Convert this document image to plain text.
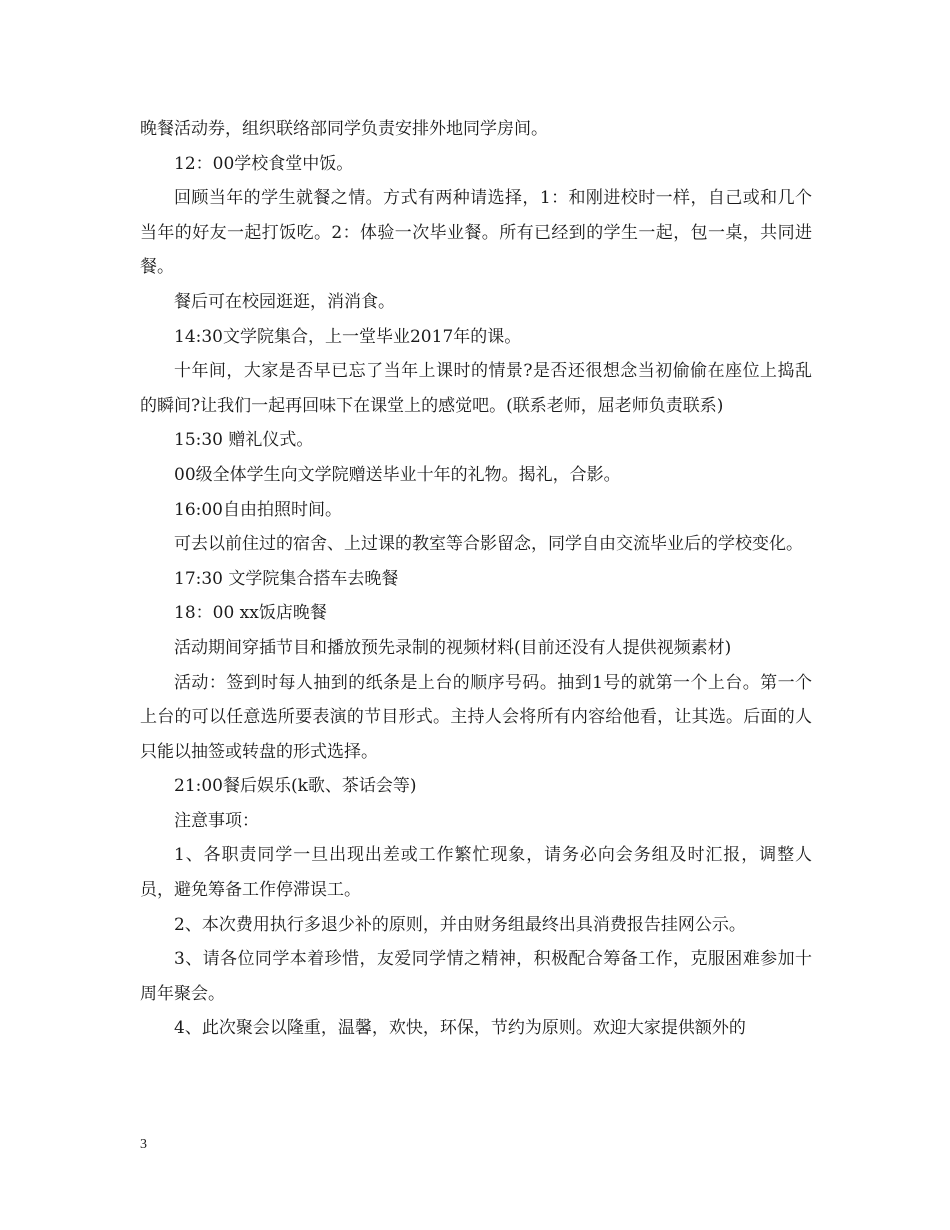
晚餐活动券，组织联络部同学负责安排外地同学房间。

12：00学校食堂中饭。

回顾当年的学生就餐之情。方式有两种请选择，1：和刚进校时一样，自己或和几个当年的好友一起打饭吃。2：体验一次毕业餐。所有已经到的学生一起，包一桌，共同进餐。

餐后可在校园逛逛，消消食。

14:30文学院集合，上一堂毕业2017年的课。

十年间，大家是否早已忘了当年上课时的情景?是否还很想念当初偷偷在座位上捣乱的瞬间?让我们一起再回味下在课堂上的感觉吧。(联系老师，屈老师负责联系)

15:30 赠礼仪式。

00级全体学生向文学院赠送毕业十年的礼物。揭礼，合影。

16:00自由拍照时间。

可去以前住过的宿舍、上过课的教室等合影留念，同学自由交流毕业后的学校变化。

17:30 文学院集合搭车去晚餐

18：00 xx饭店晚餐

活动期间穿插节目和播放预先录制的视频材料(目前还没有人提供视频素材)

活动：签到时每人抽到的纸条是上台的顺序号码。抽到1号的就第一个上台。第一个上台的可以任意选所要表演的节目形式。主持人会将所有内容给他看，让其选。后面的人只能以抽签或转盘的形式选择。

21:00餐后娱乐(k歌、茶话会等)

注意事项：

1、各职责同学一旦出现出差或工作繁忙现象，请务必向会务组及时汇报，调整人员，避免筹备工作停滞误工。

2、本次费用执行多退少补的原则，并由财务组最终出具消费报告挂网公示。

3、请各位同学本着珍惜，友爱同学情之精神，积极配合筹备工作，克服困难参加十周年聚会。

4、此次聚会以隆重，温馨，欢快，环保，节约为原则。欢迎大家提供额外的

3
